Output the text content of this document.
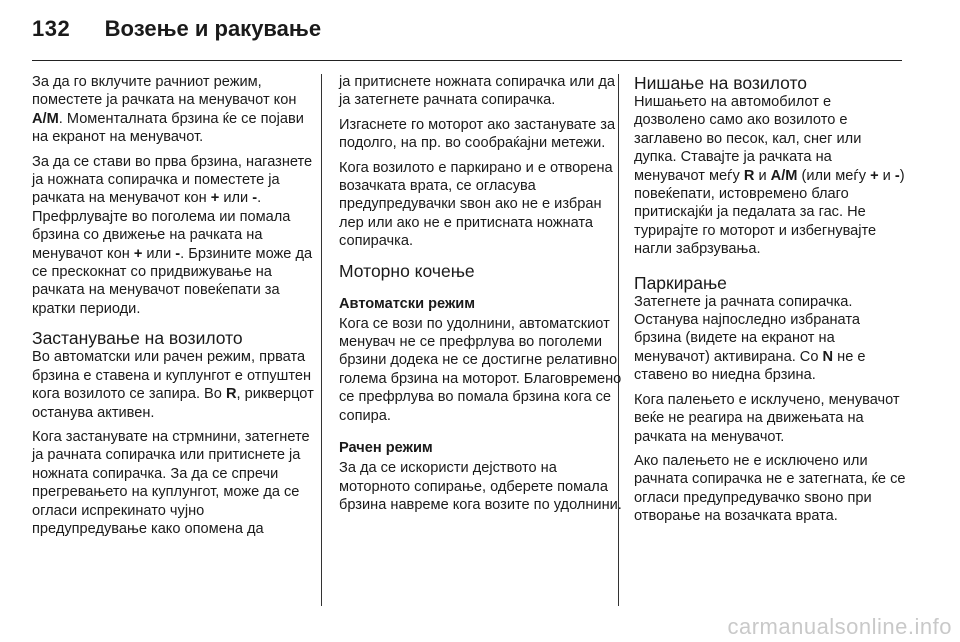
132 Возење и ракување

За да го вклучите рачниот режим, поместете ја рачката на менувачот кон A/M. Моменталната брзина ќе се појави на екранот на менувачот.

За да се стави во прва брзина, нагазнете ја ножната сопирачка и поместете ја рачката на менувачот кон + или -. Префрлувајте во поголема ии помала брзина со движење на рачката на менувачот кон + или -. Брзините може да се прескокнат со придвижување на рачката на менувачот повеќепати за кратки периоди.

Застанување на возилото

Во автоматски или рачен режим, првата брзина е ставена и куплунгот е отпуштен кога возилото се запира. Во R, рикверцот останува активен.

Кога застанувате на стрмнини, затегнете ја рачната сопирачка или притиснете ја ножната сопирачка. За да се спречи прегревањето на куплунгот, може да се огласи испрекинато чујно предупредување како опомена да

ја притиснете ножната сопирачка или да ја затегнете рачната сопирачка.

Изгаснете го моторот ако застанувате за подолго, на пр. во сообраќајни метежи.

Кога возилото е паркирано и е отворена возачката врата, се огласува предупредувачки ѕвон ако не е избран лер или ако не е притисната ножната сопирачка.

Моторно кочење
Автоматски режим

Кога се вози по удолнини, автоматскиот менувач не се префрлува во поголеми брзини додека не се достигне релативно голема брзина на моторот. Благовремено се префрлува во помала брзина кога се сопира.

Рачен режим

За да се искористи дејството на моторното сопирање, одберете помала брзина навреме кога возите по удолнини.

Нишање на возилото

Нишањето на автомобилот е дозволено само ако возилото е заглавено во песок, кал, снег или дупка. Ставајте ја рачката на менувачот меѓу R и A/M (или меѓу + и -) повеќепати, истовремено благо притискајќи ја педалата за гас. Не турирајте го моторот и избегнувајте нагли забрзувања.

Паркирање

Затегнете ја рачната сопирачка. Останува најпоследно избраната брзина (видете на екранот на менувачот) активирана. Со N не е ставено во ниедна брзина.

Кога палењето е исклучено, менувачот веќе не реагира на движењата на рачката на менувачот.

Ако палењето не е исключено или рачната сопирачка не е затегната, ќе се огласи предупредувачко ѕвоно при отворање на возачката врата.

carmanualsonline.info
